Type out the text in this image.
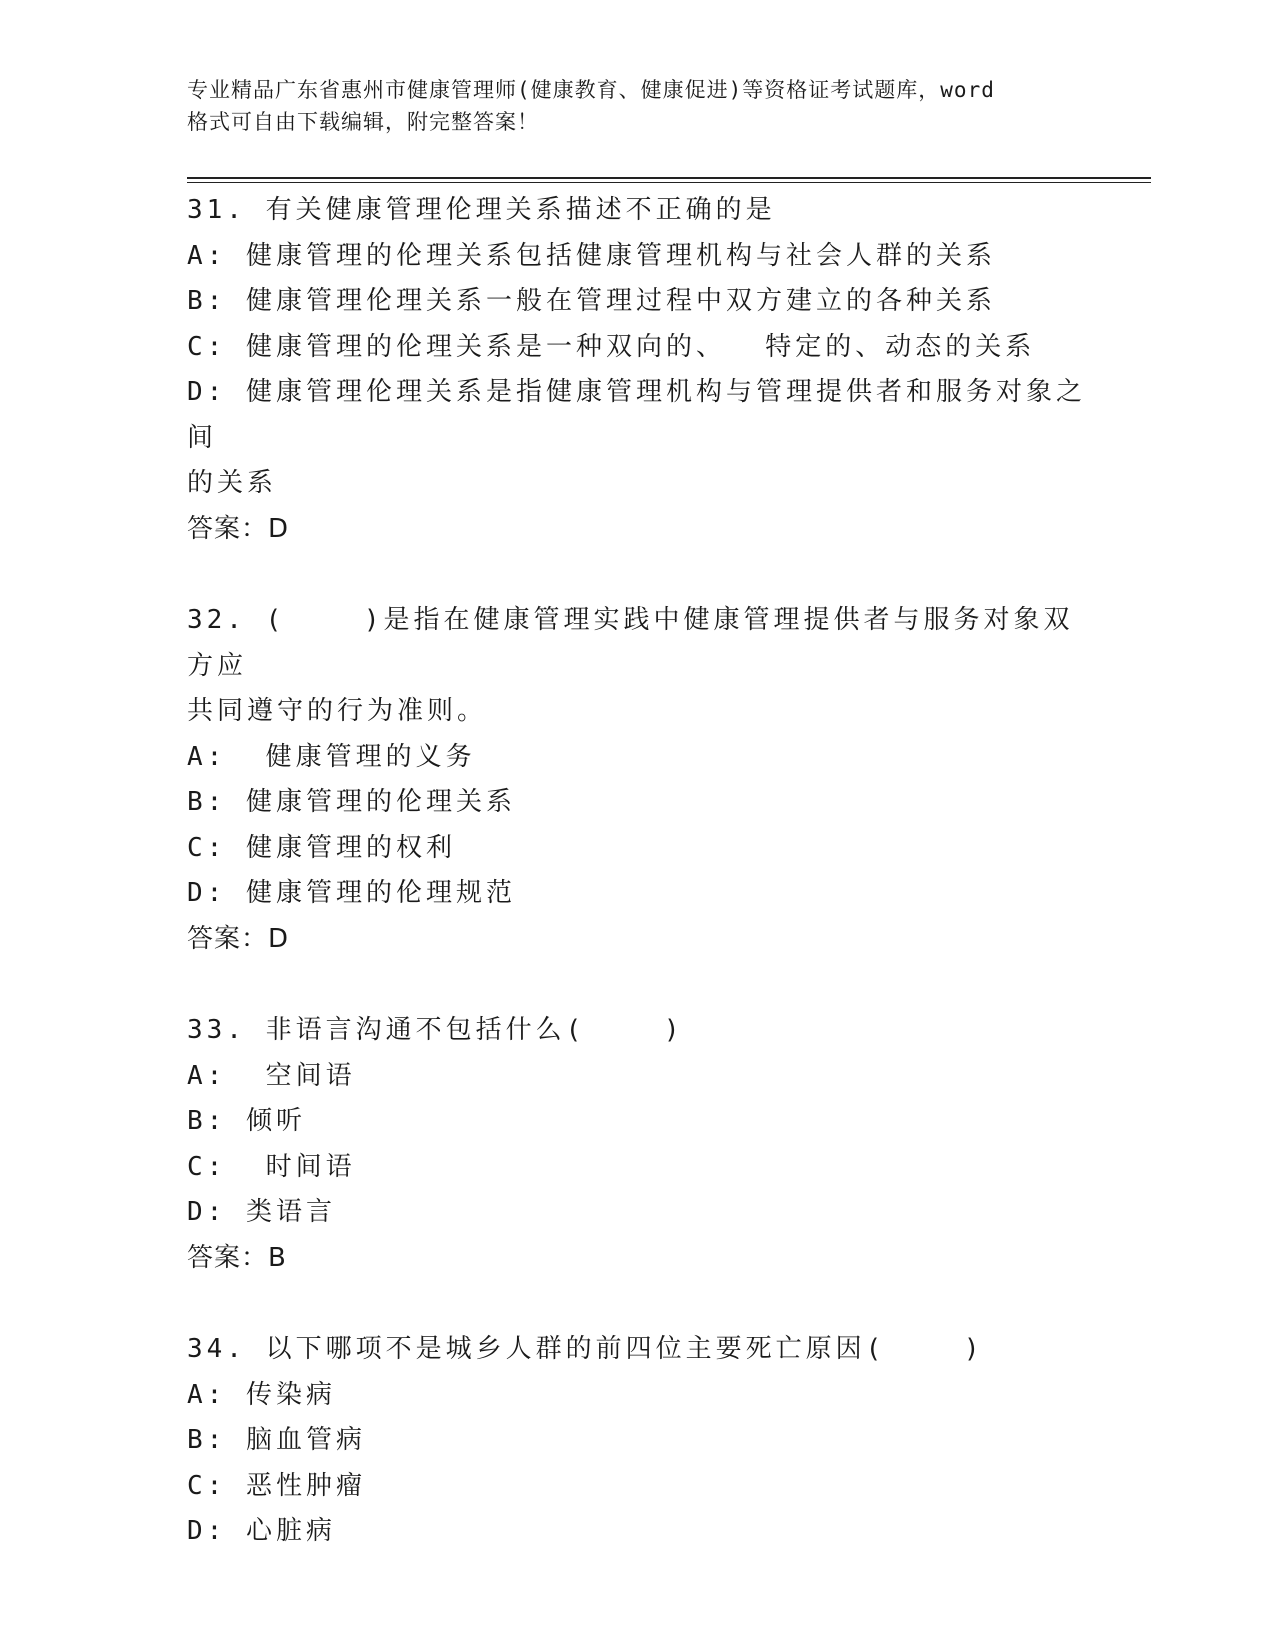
专业精品广东省惠州市健康管理师(健康教育、健康促进)等资格证考试题库，word
格式可自由下载编辑，附完整答案！
31. 有关健康管理伦理关系描述不正确的是
A: 健康管理的伦理关系包括健康管理机构与社会人群的关系
B: 健康管理伦理关系一般在管理过程中双方建立的各种关系
C: 健康管理的伦理关系是一种双向的、  特定的、动态的关系
D: 健康管理伦理关系是指健康管理机构与管理提供者和服务对象之间
的关系
答案：D
32. (    )是指在健康管理实践中健康管理提供者与服务对象双方应
共同遵守的行为准则。
A:  健康管理的义务
B: 健康管理的伦理关系
C: 健康管理的权利
D: 健康管理的伦理规范
答案：D
33. 非语言沟通不包括什么(    )
A:  空间语
B: 倾听
C:  时间语
D: 类语言
答案：B
34. 以下哪项不是城乡人群的前四位主要死亡原因(    )
A: 传染病
B: 脑血管病
C: 恶性肿瘤
D: 心脏病
